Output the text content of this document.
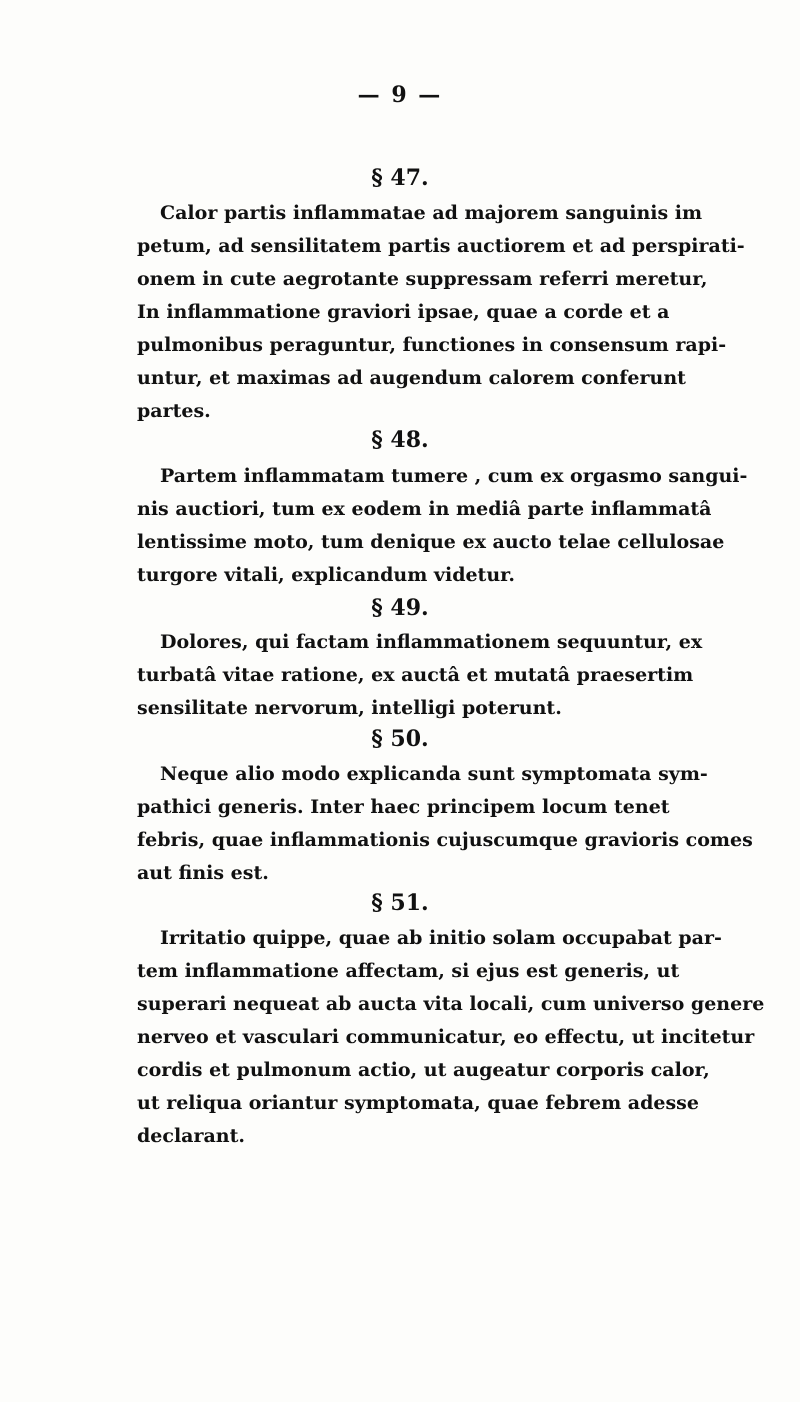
— 9 —
§ 47.
Calor partis inflammatae ad majorem sanguinis im
petum, ad sensilitatem partis auctiorem et ad perspirati-
onem in cute aegrotante suppressam referri meretur,
In inflammatione graviori ipsae, quae a corde et a
pulmonibus peraguntur, functiones in consensum rapi-
untur, et maximas ad augendum calorem conferunt
partes.
§ 48.
Partem inflammatam tumere , cum ex orgasmo sangui-
nis auctiori, tum ex eodem in mediâ parte inflammatâ
lentissime moto, tum denique ex aucto telae cellulosae
turgore vitali, explicandum videtur.
§ 49.
Dolores, qui factam inflammationem sequuntur, ex
turbatâ vitae ratione, ex auctâ et mutatâ praesertim
sensilitate nervorum, intelligi poterunt.
§ 50.
Neque alio modo explicanda sunt symptomata sym-
pathici generis. Inter haec principem locum tenet
febris, quae inflammationis cujuscumque gravioris comes
aut finis est.
§ 51.
Irritatio quippe, quae ab initio solam occupabat par-
tem inflammatione affectam, si ejus est generis, ut
superari nequeat ab aucta vita locali, cum universo genere
nerveo et vasculari communicatur, eo effectu, ut incitetur
cordis et pulmonum actio, ut augeatur corporis calor,
ut reliqua oriantur symptomata, quae febrem adesse
declarant.
